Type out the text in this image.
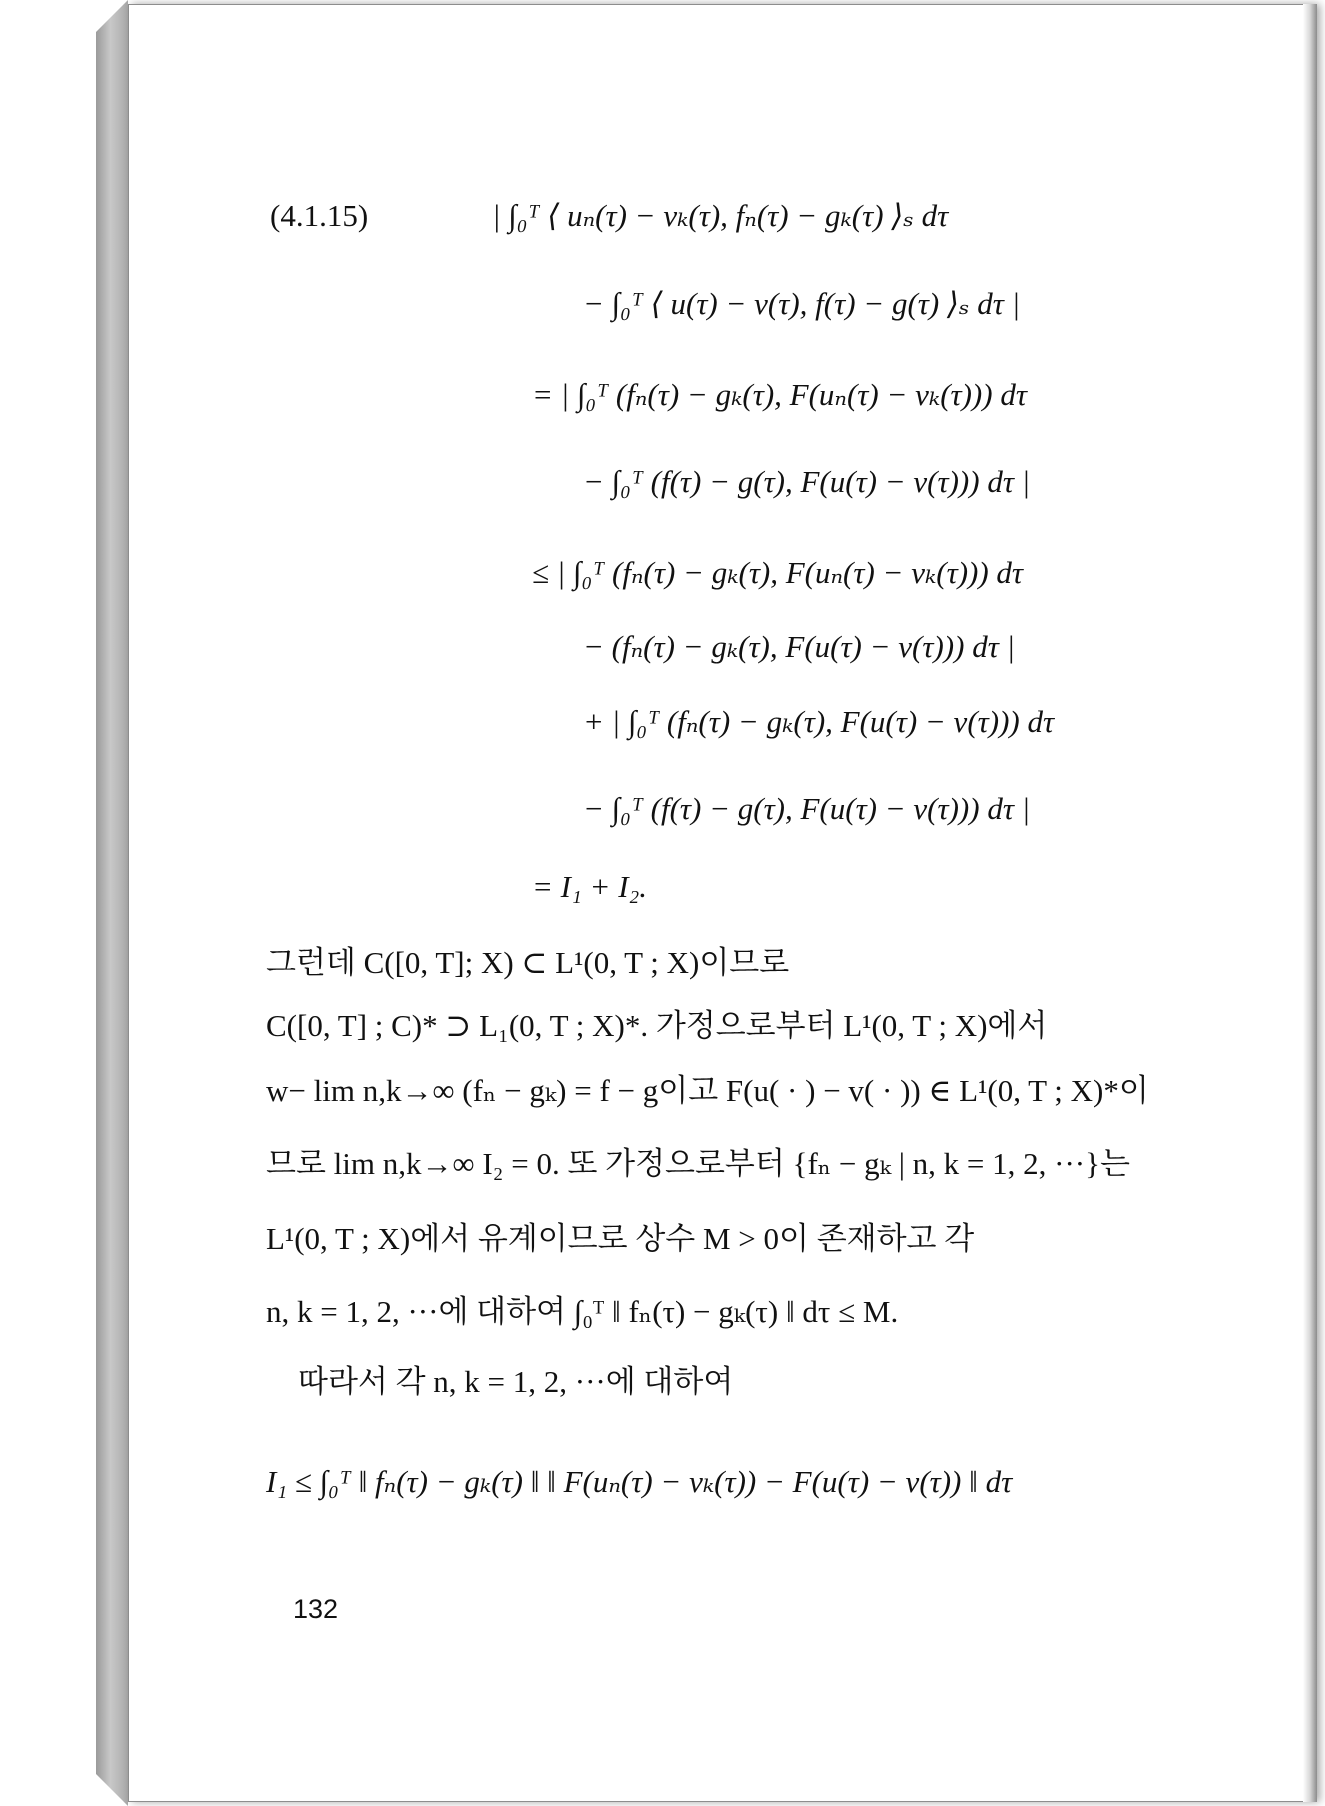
(4.1.15)	| ∫₀ᵀ ⟨ uₙ(τ) − vₖ(τ), fₙ(τ) − gₖ(τ) ⟩ₛ dτ
− ∫₀ᵀ ⟨ u(τ) − v(τ), f(τ) − g(τ) ⟩ₛ dτ |
= | ∫₀ᵀ (fₙ(τ) − gₖ(τ), F(uₙ(τ) − vₖ(τ))) dτ
− ∫₀ᵀ (f(τ) − g(τ), F(u(τ) − v(τ))) dτ |
≤ | ∫₀ᵀ (fₙ(τ) − gₖ(τ), F(uₙ(τ) − vₖ(τ))) dτ
− (fₙ(τ) − gₖ(τ), F(u(τ) − v(τ))) dτ |
+ | ∫₀ᵀ (fₙ(τ) − gₖ(τ), F(u(τ) − v(τ))) dτ
− ∫₀ᵀ (f(τ) − g(τ), F(u(τ) − v(τ))) dτ |
= I₁ + I₂.
그런데 C([0, T]; X) ⊂ L¹(0, T ; X)이므로
C([0, T] ; C)* ⊃ L₁(0, T ; X)*. 가정으로부터 L¹(0, T ; X)에서
w− lim n,k→∞ (fₙ − gₖ) = f − g이고 F(u( · ) − v( · )) ∈ L¹(0, T ; X)*이
므로 lim n,k→∞ I₂ = 0. 또 가정으로부터 {fₙ − gₖ | n, k = 1, 2, ···}는
L¹(0, T ; X)에서 유계이므로 상수 M > 0이 존재하고 각
n, k = 1, 2, ···에 대하여 ∫₀ᵀ ‖ fₙ(τ) − gₖ(τ) ‖ dτ ≤ M.
따라서 각 n, k = 1, 2, ···에 대하여
I₁ ≤ ∫₀ᵀ ‖ fₙ(τ) − gₖ(τ) ‖ ‖ F(uₙ(τ) − vₖ(τ)) − F(u(τ) − v(τ)) ‖ dτ
132
